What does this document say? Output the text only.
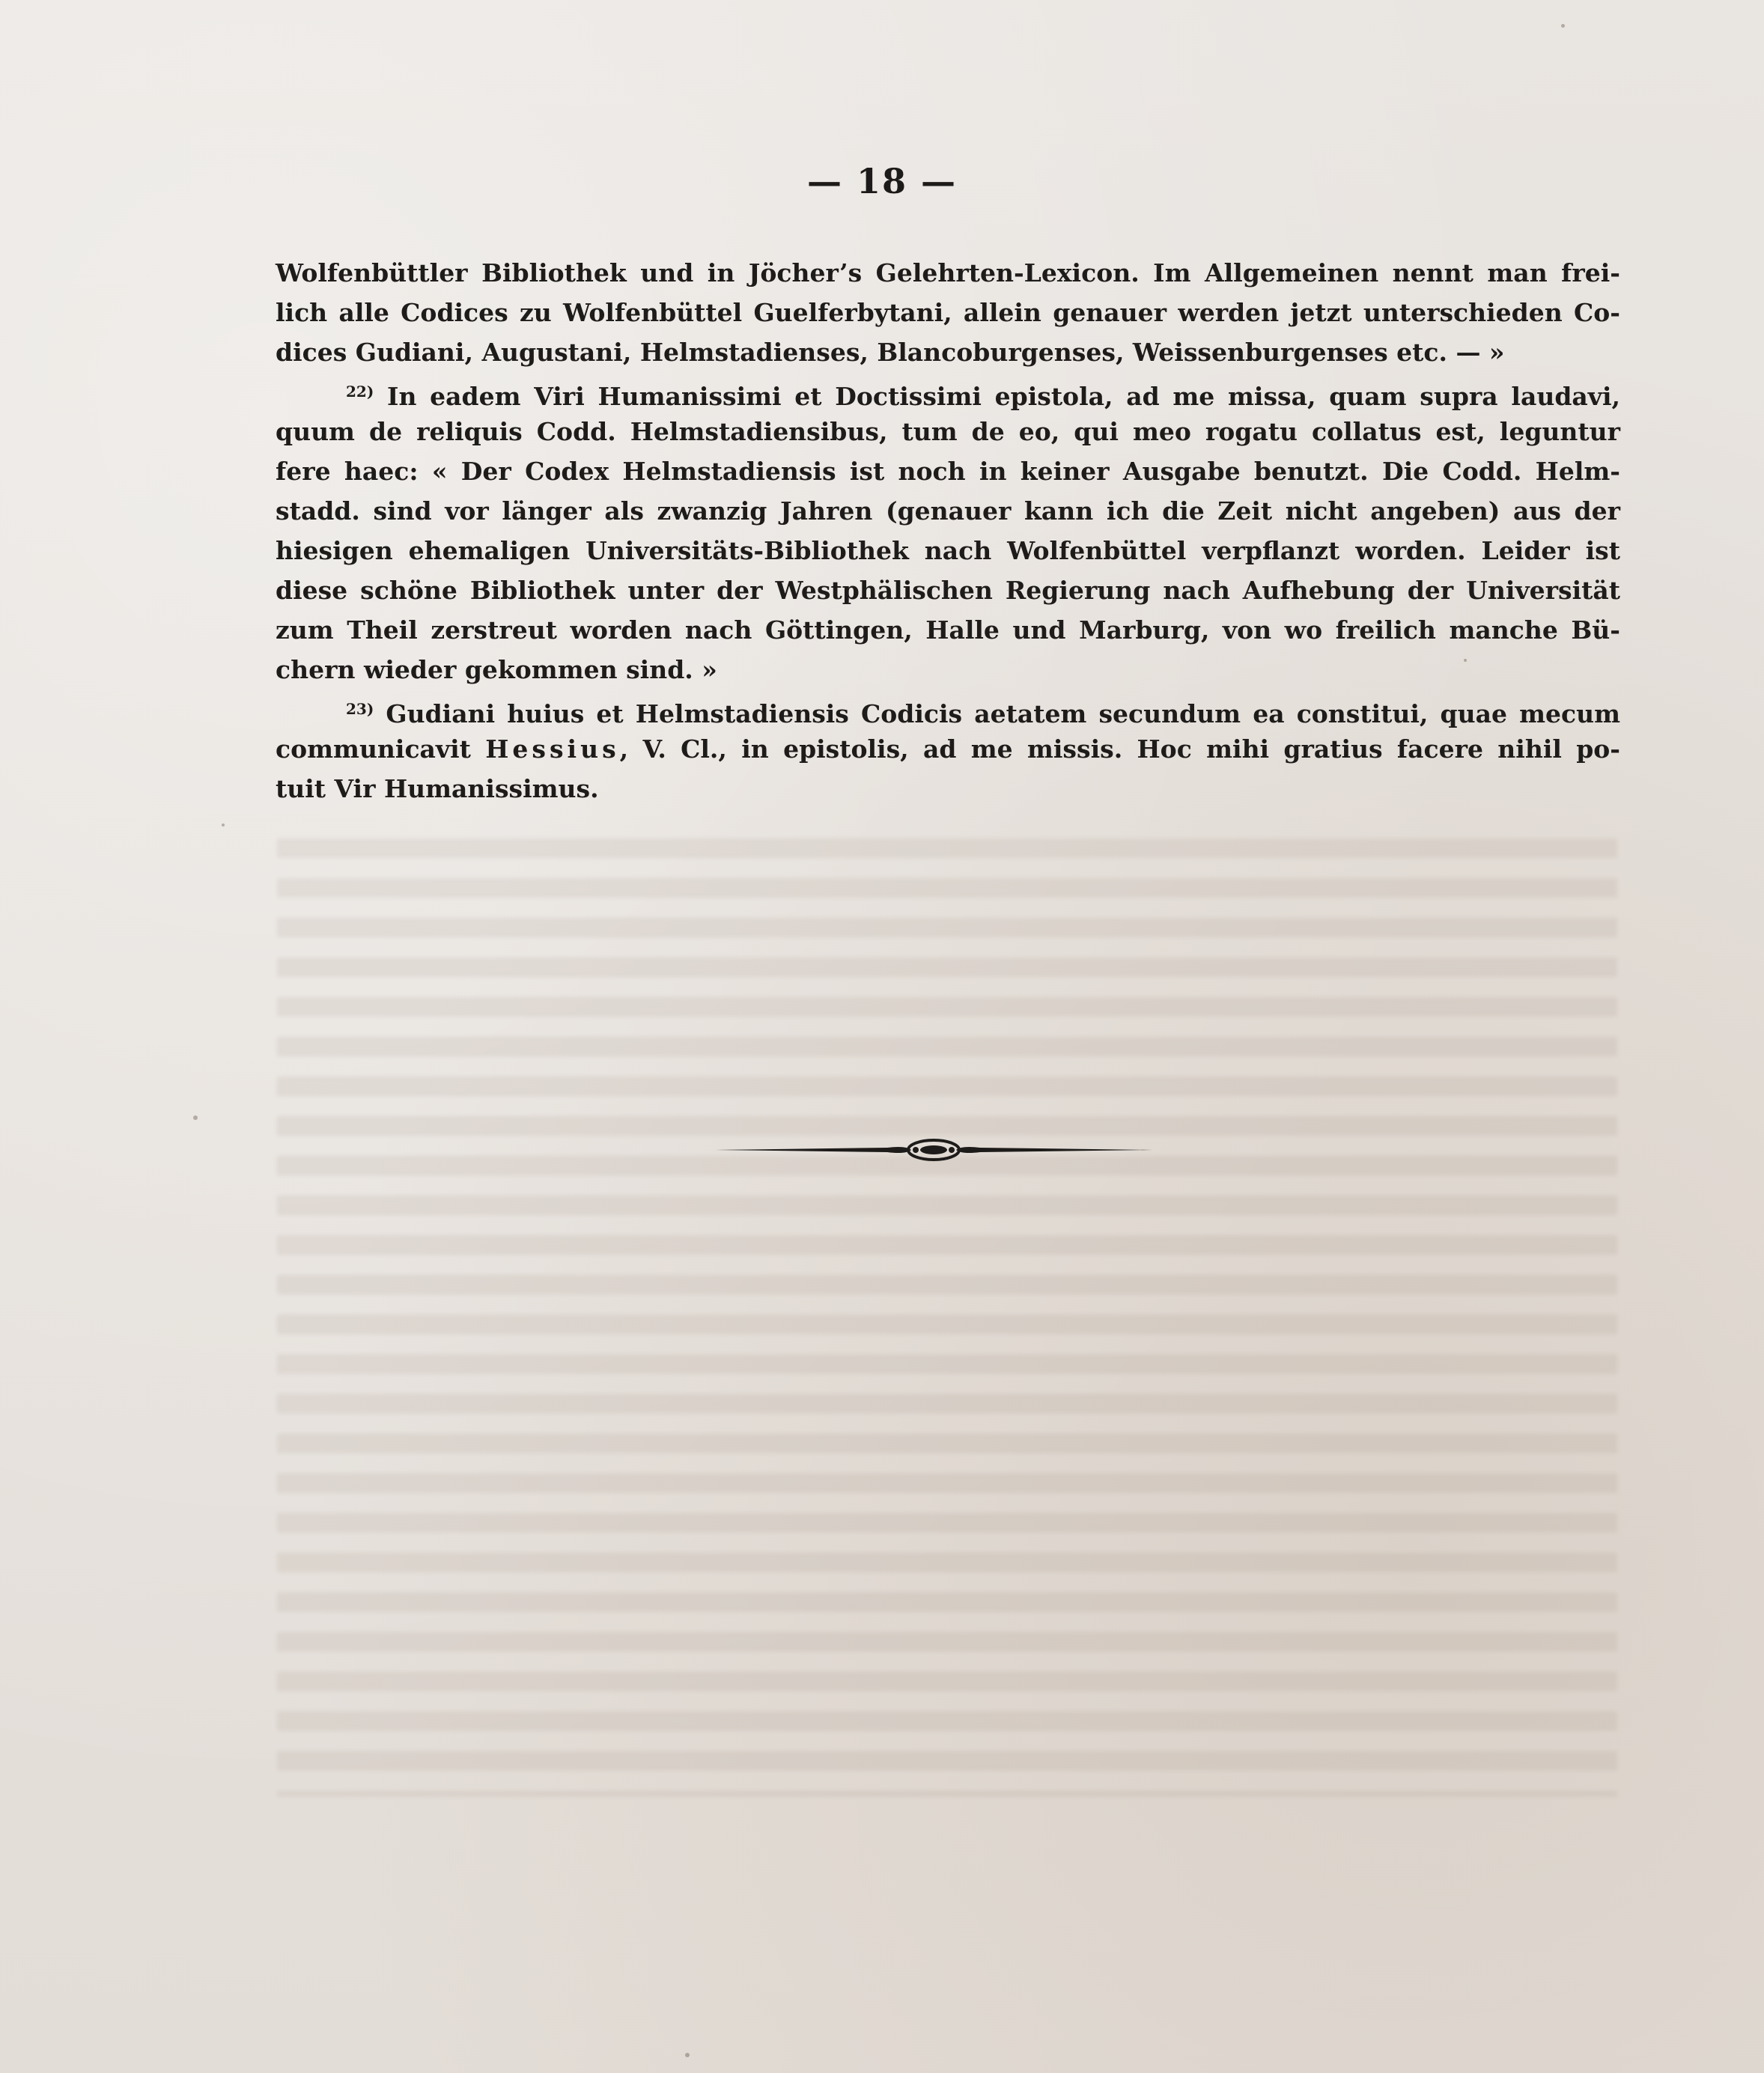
— 18 —
Wolfenbüttler Bibliothek und in Jöcher’s Gelehrten-Lexicon. Im Allgemeinen nennt man frei-
lich alle Codices zu Wolfenbüttel Guelferbytani, allein genauer werden jetzt unterschieden Co-
dices Gudiani, Augustani, Helmstadienses, Blancoburgenses, Weissenburgenses etc. — »
$^{22)}$ In eadem Viri Humanissimi et Doctissimi epistola, ad me missa, quam supra laudavi,
quum de reliquis Codd. Helmstadiensibus, tum de eo, qui meo rogatu collatus est, leguntur
fere haec: « Der Codex Helmstadiensis ist noch in keiner Ausgabe benutzt. Die Codd. Helm-
stadd. sind vor länger als zwanzig Jahren (genauer kann ich die Zeit nicht angeben) aus der
hiesigen ehemaligen Universitäts-Bibliothek nach Wolfenbüttel verpflanzt worden. Leider ist
diese schöne Bibliothek unter der Westphälischen Regierung nach Aufhebung der Universität
zum Theil zerstreut worden nach Göttingen, Halle und Marburg, von wo freilich manche Bü-
chern wieder gekommen sind. »
$^{23)}$ Gudiani huius et Helmstadiensis Codicis aetatem secundum ea constitui, quae mecum
communicavit Hessius, V. Cl., in epistolis, ad me missis. Hoc mihi gratius facere nihil po-
tuit Vir Humanissimus.
